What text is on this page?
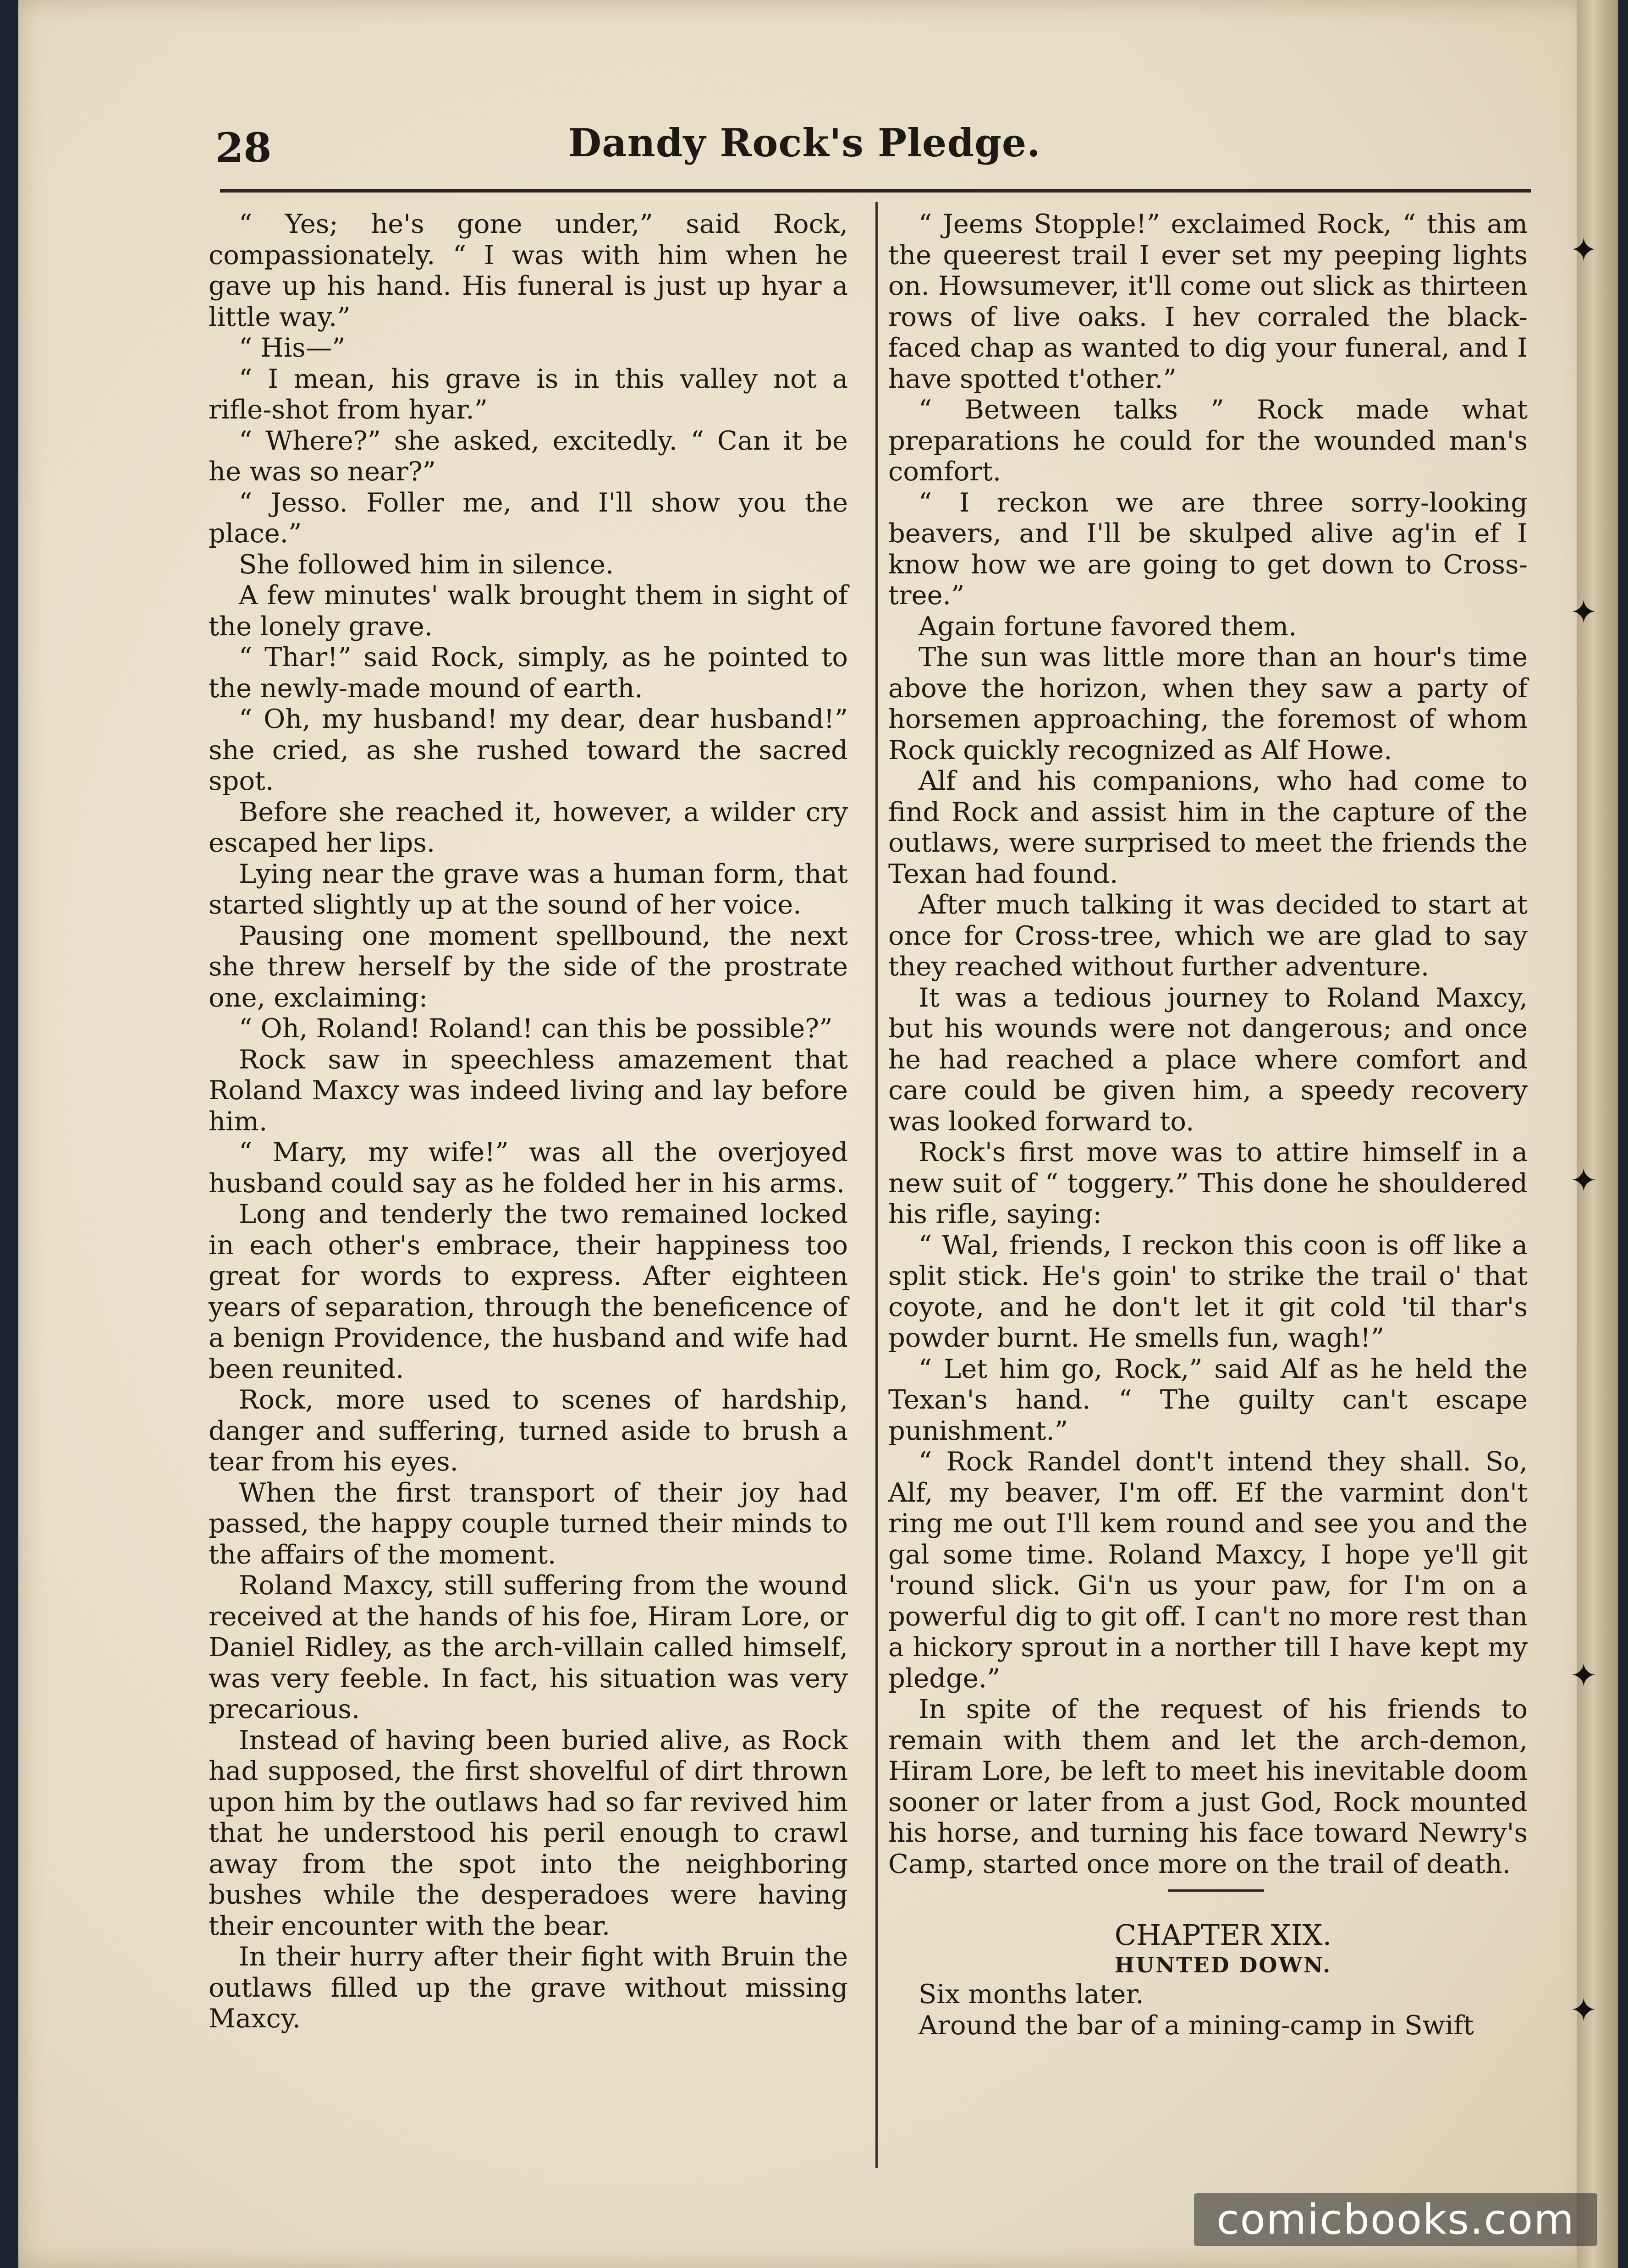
28	Dandy Rock's Pledge.

“ Yes; he's gone under,” said Rock, compassionately. “ I was with him when he gave up his hand. His funeral is just up hyar a little way.”

“ His—”

“ I mean, his grave is in this valley not a rifle-shot from hyar.”

“ Where?” she asked, excitedly. “ Can it be he was so near?”

“ Jesso. Foller me, and I'll show you the place.”

She followed him in silence.

A few minutes' walk brought them in sight of the lonely grave.

“ Thar!” said Rock, simply, as he pointed to the newly-made mound of earth.

“ Oh, my husband! my dear, dear husband!” she cried, as she rushed toward the sacred spot.

Before she reached it, however, a wilder cry escaped her lips.

Lying near the grave was a human form, that started slightly up at the sound of her voice.

Pausing one moment spellbound, the next she threw herself by the side of the prostrate one, exclaiming:

“ Oh, Roland! Roland! can this be possible?”

Rock saw in speechless amazement that Roland Maxcy was indeed living and lay before him.

“ Mary, my wife!” was all the overjoyed husband could say as he folded her in his arms.

Long and tenderly the two remained locked in each other's embrace, their happiness too great for words to express. After eighteen years of separation, through the beneficence of a benign Providence, the husband and wife had been reunited.

Rock, more used to scenes of hardship, danger and suffering, turned aside to brush a tear from his eyes.

When the first transport of their joy had passed, the happy couple turned their minds to the affairs of the moment.

Roland Maxcy, still suffering from the wound received at the hands of his foe, Hiram Lore, or Daniel Ridley, as the arch-villain called himself, was very feeble. In fact, his situation was very precarious.

Instead of having been buried alive, as Rock had supposed, the first shovelful of dirt thrown upon him by the outlaws had so far revived him that he understood his peril enough to crawl away from the spot into the neighboring bushes while the desperadoes were having their encounter with the bear.

In their hurry after their fight with Bruin the outlaws filled up the grave without missing Maxcy.

“ Jeems Stopple!” exclaimed Rock, “ this am the queerest trail I ever set my peeping lights on. Howsumever, it'll come out slick as thirteen rows of live oaks. I hev corraled the black-faced chap as wanted to dig your funeral, and I have spotted t'other.”

“ Between talks ” Rock made what preparations he could for the wounded man's comfort.

“ I reckon we are three sorry-looking beavers, and I'll be skulped alive ag'in ef I know how we are going to get down to Cross-tree.”

Again fortune favored them.

The sun was little more than an hour's time above the horizon, when they saw a party of horsemen approaching, the foremost of whom Rock quickly recognized as Alf Howe.

Alf and his companions, who had come to find Rock and assist him in the capture of the outlaws, were surprised to meet the friends the Texan had found.

After much talking it was decided to start at once for Cross-tree, which we are glad to say they reached without further adventure.

It was a tedious journey to Roland Maxcy, but his wounds were not dangerous; and once he had reached a place where comfort and care could be given him, a speedy recovery was looked forward to.

Rock's first move was to attire himself in a new suit of “ toggery.” This done he shouldered his rifle, saying:

“ Wal, friends, I reckon this coon is off like a split stick. He's goin' to strike the trail o' that coyote, and he don't let it git cold 'til thar's powder burnt. He smells fun, wagh!”

“ Let him go, Rock,” said Alf as he held the Texan's hand. “ The guilty can't escape punishment.”

“ Rock Randel dont't intend they shall. So, Alf, my beaver, I'm off. Ef the varmint don't ring me out I'll kem round and see you and the gal some time. Roland Maxcy, I hope ye'll git 'round slick. Gi'n us your paw, for I'm on a powerful dig to git off. I can't no more rest than a hickory sprout in a norther till I have kept my pledge.”

In spite of the request of his friends to remain with them and let the arch-demon, Hiram Lore, be left to meet his inevitable doom sooner or later from a just God, Rock mounted his horse, and turning his face toward Newry's Camp, started once more on the trail of death.

CHAPTER XIX.

HUNTED DOWN.

Six months later.

Around the bar of a mining-camp in Swift

✦
✦
✦
✦
✦
comicbooks.com
